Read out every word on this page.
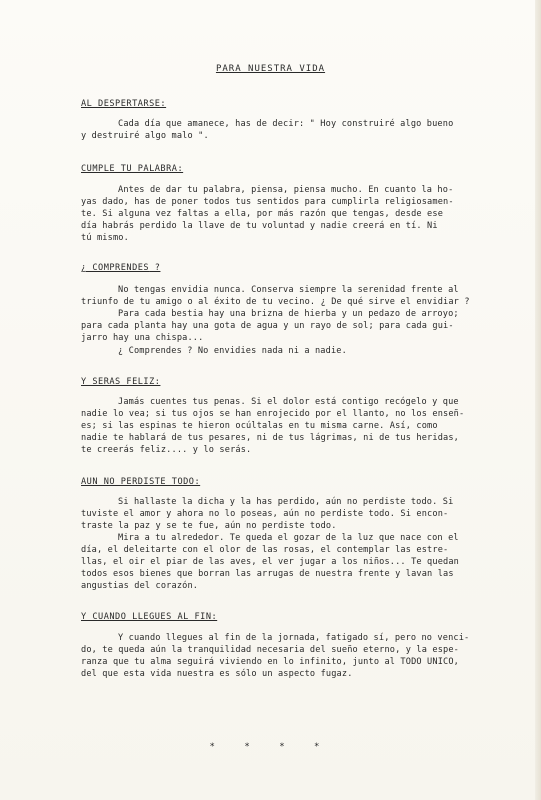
PARA NUESTRA VIDA
AL DESPERTARSE:
Cada día que amanece, has de decir: " Hoy construiré algo bueno
y destruiré algo malo ".
CUMPLE TU PALABRA:
Antes de dar tu palabra, piensa, piensa mucho. En cuanto la ho-
yas dado, has de poner todos tus sentidos para cumplirla religiosamen-
te. Si alguna vez faltas a ella, por más razón que tengas, desde ese
día habrás perdido la llave de tu voluntad y nadie creerá en tí. Ni
tú mismo.
¿ COMPRENDES ?
No tengas envidia nunca. Conserva siempre la serenidad frente al
triunfo de tu amigo o al éxito de tu vecino. ¿ De qué sirve el envidiar ?
Para cada bestia hay una brizna de hierba y un pedazo de arroyo;
para cada planta hay una gota de agua y un rayo de sol; para cada gui-
jarro hay una chispa...
¿ Comprendes ? No envidies nada ni a nadie.
Y SERAS FELIZ:
Jamás cuentes tus penas. Si el dolor está contigo recógelo y que
nadie lo vea; si tus ojos se han enrojecido por el llanto, no los enseñ-
es; si las espinas te hieron ocúltalas en tu misma carne. Así, como
nadie te hablará de tus pesares, ni de tus lágrimas, ni de tus heridas,
te creerás feliz.... y lo serás.
AUN NO PERDISTE TODO:
Si hallaste la dicha y la has perdido, aún no perdiste todo. Si
tuviste el amor y ahora no lo poseas, aún no perdiste todo. Si encon-
traste la paz y se te fue, aún no perdiste todo.
Mira a tu alrededor. Te queda el gozar de la luz que nace con el
día, el deleitarte con el olor de las rosas, el contemplar las estre-
llas, el oir el piar de las aves, el ver jugar a los niños... Te quedan
todos esos bienes que borran las arrugas de nuestra frente y lavan las
angustias del corazón.
Y CUANDO LLEGUES AL FIN:
Y cuando llegues al fin de la jornada, fatigado sí, pero no venci-
do, te queda aún la tranquilidad necesaria del sueño eterno, y la espe-
ranza que tu alma seguirá viviendo en lo infinito, junto al TODO UNICO,
del que esta vida nuestra es sólo un aspecto fugaz.
* * * *
